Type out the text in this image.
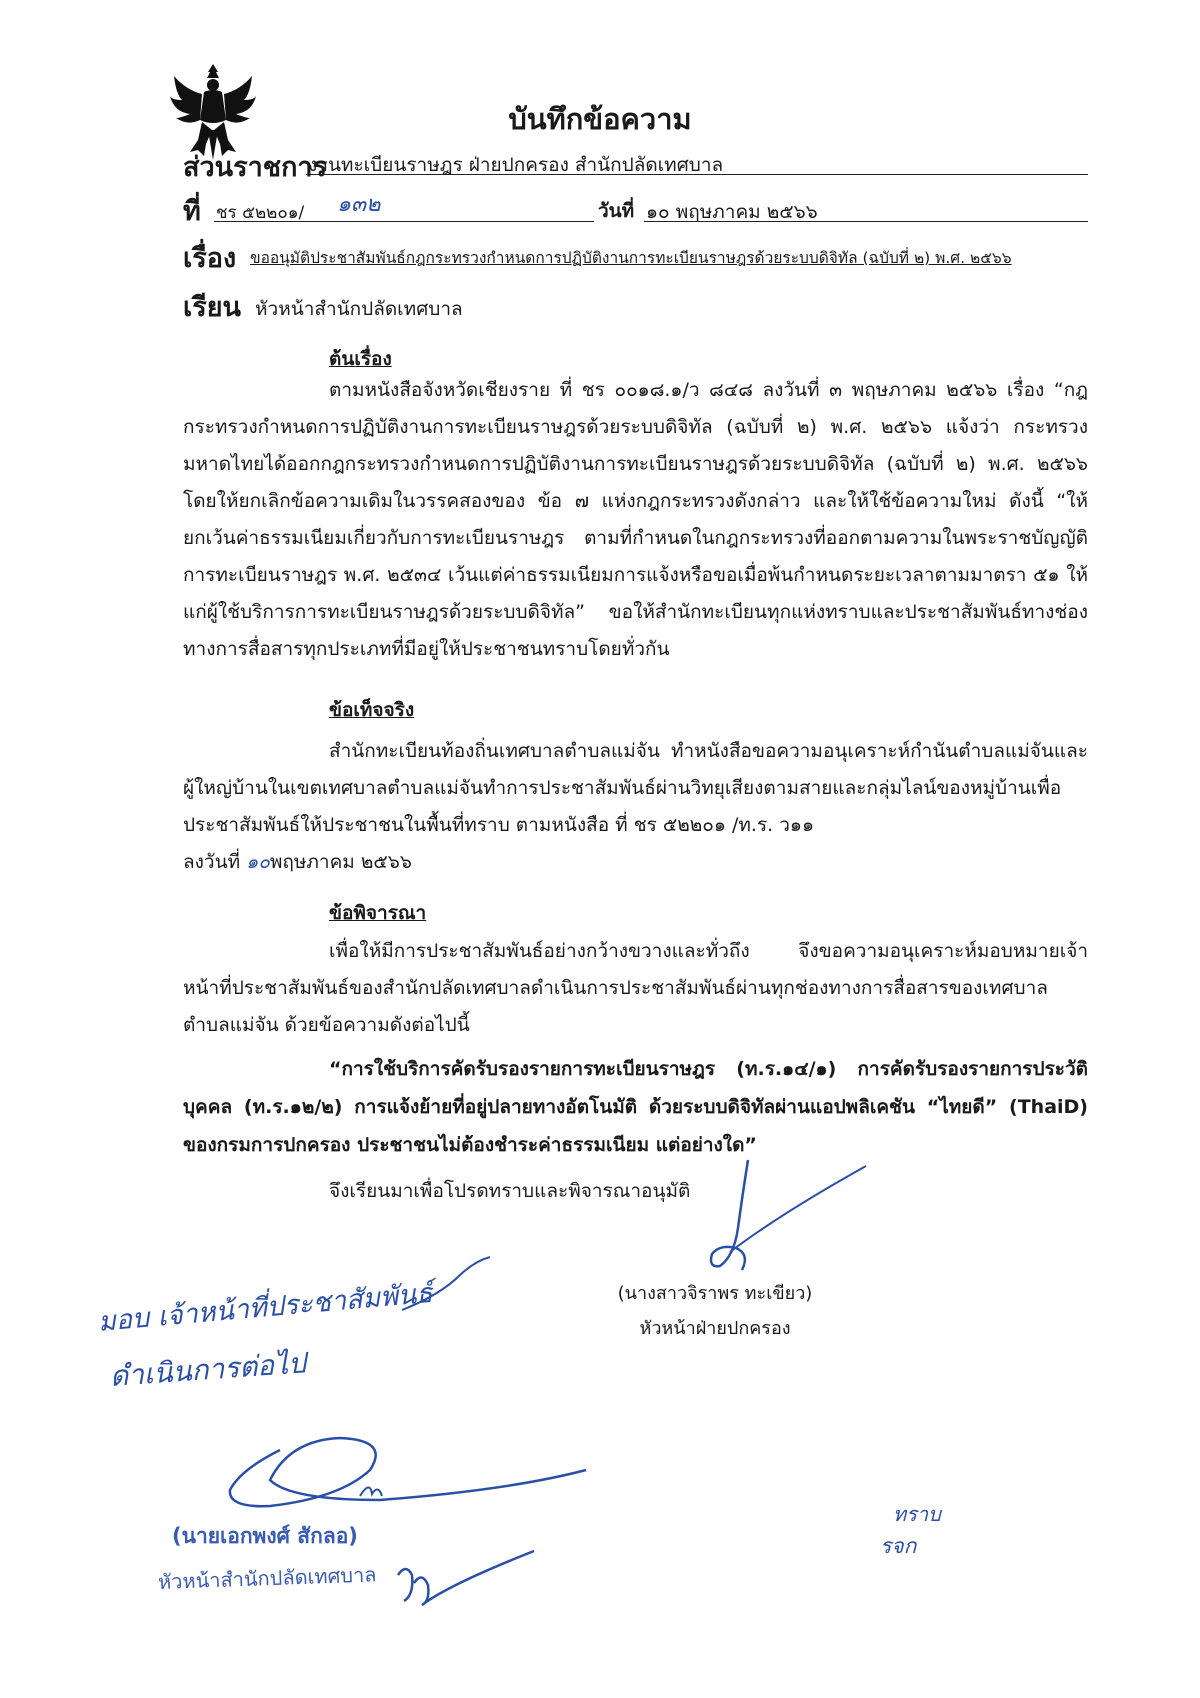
บันทึกข้อความ
ส่วนราชการ
งานทะเบียนราษฎร ฝ่ายปกครอง สำนักปลัดเทศบาล
ที่ ชร ๕๒๒๐๑/ ๑๓๒	วันที่ ๑๐ พฤษภาคม ๒๕๖๖
เรื่อง ขออนุมัติประชาสัมพันธ์กฎกระทรวงกำหนดการปฏิบัติงานการทะเบียนราษฎรด้วยระบบดิจิทัล (ฉบับที่ ๒) พ.ศ. ๒๕๖๖
เรียน หัวหน้าสำนักปลัดเทศบาล
ต้นเรื่อง
ตามหนังสือจังหวัดเชียงราย ที่ ชร ๐๐๑๘.๑/ว ๘๔๘ ลงวันที่ ๓ พฤษภาคม ๒๕๖๖ เรื่อง “กฎกระทรวงกำหนดการปฏิบัติงานการทะเบียนราษฎรด้วยระบบดิจิทัล (ฉบับที่ ๒) พ.ศ. ๒๕๖๖ แจ้งว่า กระทรวงมหาดไทยได้ออกกฎกระทรวงกำหนดการปฏิบัติงานการทะเบียนราษฎรด้วยระบบดิจิทัล (ฉบับที่ ๒) พ.ศ. ๒๕๖๖ โดยให้ยกเลิกข้อความเดิมในวรรคสองของ ข้อ ๗ แห่งกฎกระทรวงดังกล่าว และให้ใช้ข้อความใหม่ ดังนี้ “ให้ยกเว้นค่าธรรมเนียมเกี่ยวกับการทะเบียนราษฎร ตามที่กำหนดในกฎกระทรวงที่ออกตามความในพระราชบัญญัติการทะเบียนราษฎร พ.ศ. ๒๕๓๔ เว้นแต่ค่าธรรมเนียมการแจ้งหรือขอเมื่อพ้นกำหนดระยะเวลาตามมาตรา ๕๑ ให้แก่ผู้ใช้บริการการทะเบียนราษฎรด้วยระบบดิจิทัล” ขอให้สำนักทะเบียนทุกแห่งทราบและประชาสัมพันธ์ทางช่องทางการสื่อสารทุกประเภทที่มีอยู่ให้ประชาชนทราบโดยทั่วกัน
ข้อเท็จจริง
สำนักทะเบียนท้องถิ่นเทศบาลตำบลแม่จัน ทำหนังสือขอความอนุเคราะห์กำนันตำบลแม่จันและผู้ใหญ่บ้านในเขตเทศบาลตำบลแม่จันทำการประชาสัมพันธ์ผ่านวิทยุเสียงตามสายและกลุ่มไลน์ของหมู่บ้านเพื่อประชาสัมพันธ์ให้ประชาชนในพื้นที่ทราบ ตามหนังสือ ที่ ชร ๕๒๒๐๑ /ท.ร. ว๑๑
ลงวันที่ ๑๐พฤษภาคม ๒๕๖๖
ข้อพิจารณา
เพื่อให้มีการประชาสัมพันธ์อย่างกว้างขวางและทั่วถึง จึงขอความอนุเคราะห์มอบหมายเจ้าหน้าที่ประชาสัมพันธ์ของสำนักปลัดเทศบาลดำเนินการประชาสัมพันธ์ผ่านทุกช่องทางการสื่อสารของเทศบาลตำบลแม่จัน ด้วยข้อความดังต่อไปนี้
“การใช้บริการคัดรับรองรายการทะเบียนราษฎร (ท.ร.๑๔/๑) การคัดรับรองรายการประวัติบุคคล (ท.ร.๑๒/๒) การแจ้งย้ายที่อยู่ปลายทางอัตโนมัติ ด้วยระบบดิจิทัลผ่านแอปพลิเคชัน “ไทยดี” (ThaiD) ของกรมการปกครอง ประชาชนไม่ต้องชำระค่าธรรมเนียม แต่อย่างใด”
จึงเรียนมาเพื่อโปรดทราบและพิจารณาอนุมัติ
(นางสาวจิราพร ทะเขียว)
หัวหน้าฝ่ายปกครอง
มอบ เจ้าหน้าที่ประชาสัมพันธ์
ดำเนินการต่อไป
(นายเอกพงศ์ สักลอ)
หัวหน้าสำนักปลัดเทศบาล
ทราบ
รจก
